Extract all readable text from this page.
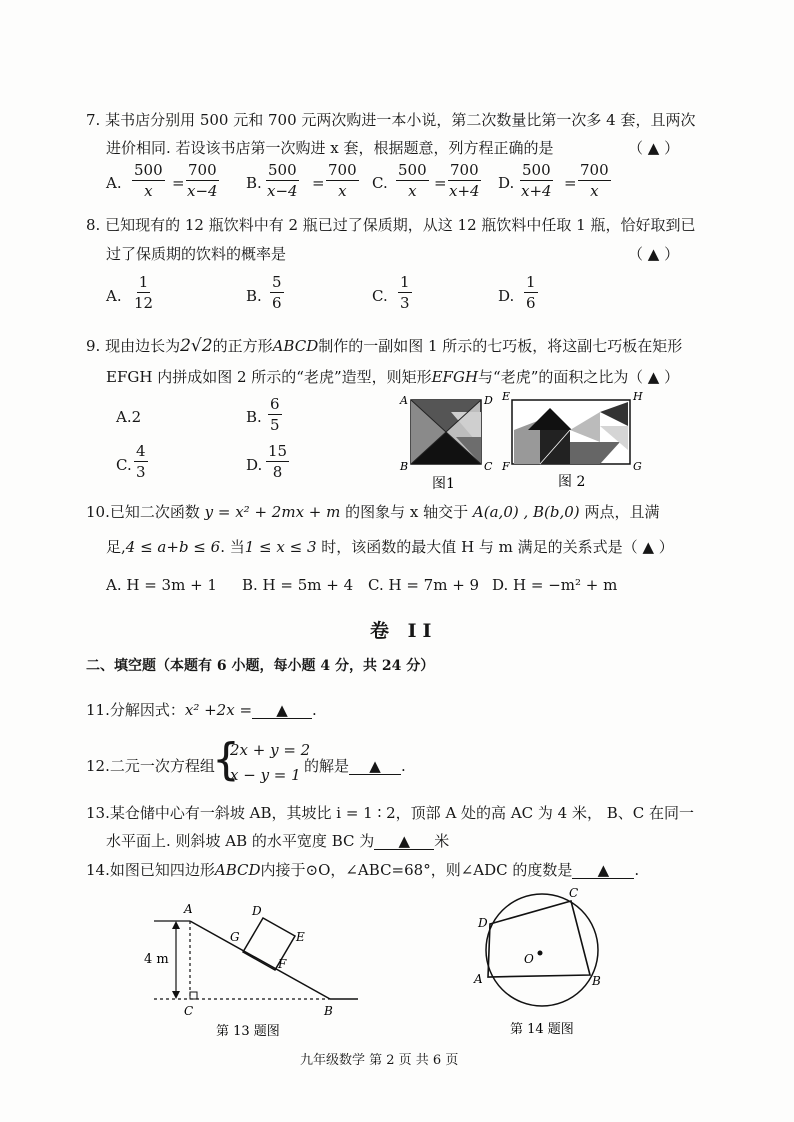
7. 某书店分别用 500 元和 700 元两次购进一本小说，第二次数量比第一次多 4 套，且两次
进价相同. 若设该书店第一次购进 x 套，根据题意，列方程正确的是	（ ▲ ）
A. $\frac{500}{x} = \frac{700}{x-4} B$. $\frac{500}{x-4} = \frac{700}{x} C$. $\frac{500}{x} = \frac{700}{x+4} D$. $\frac{500}{x+4} = \frac{700}{x}$
8. 已知现有的 12 瓶饮料中有 2 瓶已过了保质期，从这 12 瓶饮料中任取 1 瓶，恰好取到已
过了保质期的饮料的概率是	（ ▲ ）
A. $\frac{1}{12}$	B. $\frac{5}{6}$	C. $\frac{1}{3}$	D. $\frac{1}{6}$
9. 现由边长为2√2的正方形ABCD制作的一副如图 1 所示的七巧板，将这副七巧板在矩形
EFGH 内拼成如图 2 所示的“老虎”造型，则矩形EFGH与“老虎”的面积之比为 （ ▲ ）
A.2	B. $\frac{6}{5}$
C. $\frac{4}{3}$	D. $\frac{15}{8}$
A	D
B	C
图1
E	H
F	G
图 2
10.已知二次函数 y = x² + 2mx + m 的图象与 x 轴交于 A(a,0) , B(b,0) 两点，且满
足,4 ≤ a+b ≤ 6. 当1 ≤ x ≤ 3 时，该函数的最大值 H 与 m 满足的关系式是（ ▲ ）
A. H = 3m + 1 B. H = 5m + 4 C. H = 7m + 9 D. H = −m² + m
卷 II
二、填空题（本题有 6 小题，每小题 4 分，共 24 分）
11.分解因式：x² +2x = ▲ .
12.二元一次方程组
{
2x + y = 2
x − y = 1 的解是 ▲ .
13.某仓储中心有一斜坡 AB，其坡比 i = 1 ∶ 2，顶部 A 处的高 AC 为 4 米， B、C 在同一
水平面上. 则斜坡 AB 的水平宽度 BC 为 ▲ 米
14.如图已知四边形ABCD内接于⊙O，∠ABC=68°，则∠ADC 的度数是 ▲ .
4 m
A
C	B
D
G	E
F
第 13 题图
O
D
C
A	B
第 14 题图
九年级数学 第 2 页 共 6 页
